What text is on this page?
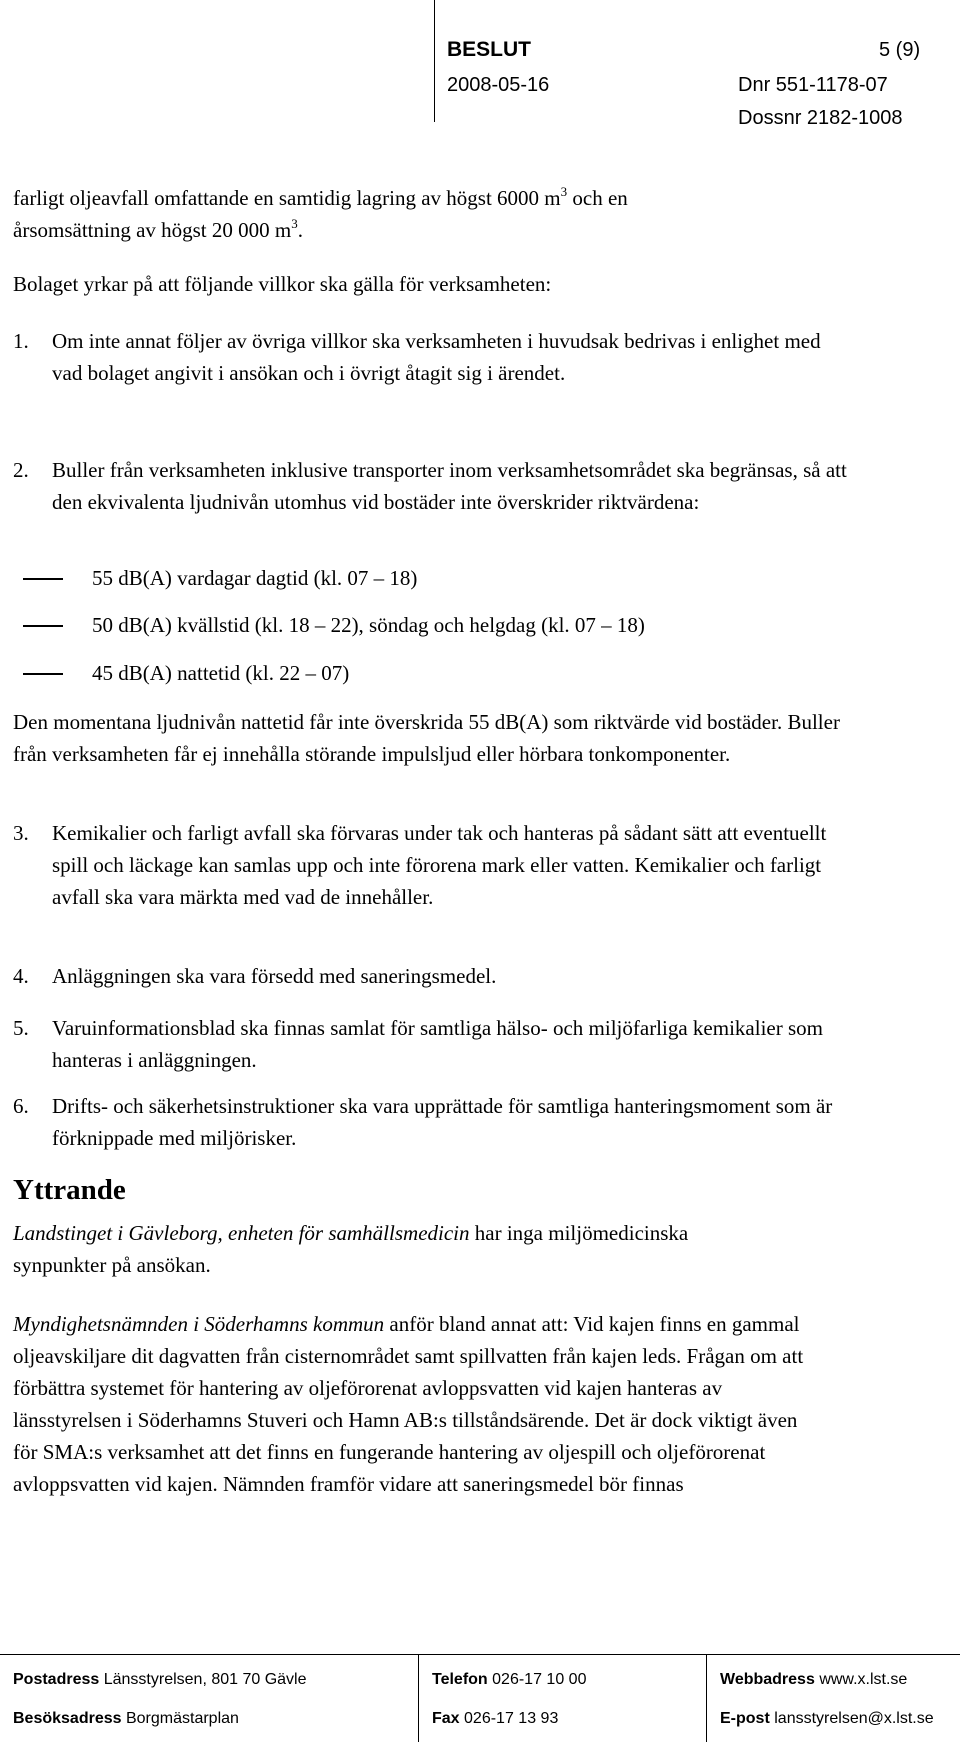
BESLUT	5 (9)
2008-05-16	Dnr 551-1178-07
Dossnr 2182-1008

farligt oljeavfall omfattande en samtidig lagring av högst 6000 $m^3$ och en

årsomsättning av högst 20 000 $m^3$.

Bolaget yrkar på att följande villkor ska gälla för verksamheten:
1. Om inte annat följer av övriga villkor ska verksamheten i huvudsak bedrivas i enlighet med vad bolaget angivit i ansökan och i övrigt åtagit sig i ärendet.
2. Buller från verksamheten inklusive transporter inom verksamhetsområdet ska begränsas, så att den ekvivalenta ljudnivån utomhus vid bostäder inte överskrider riktvärdena:
55 dB(A) vardagar dagtid (kl. 07 – 18)
50 dB(A) kvällstid (kl. 18 – 22), söndag och helgdag (kl. 07 – 18)
45 dB(A) nattetid (kl. 22 – 07)
Den momentana ljudnivån nattetid får inte överskrida 55 dB(A) som riktvärde vid bostäder. Buller från verksamheten får ej innehålla störande impulsljud eller hörbara tonkomponenter.
3. Kemikalier och farligt avfall ska förvaras under tak och hanteras på sådant sätt att eventuellt spill och läckage kan samlas upp och inte förorena mark eller vatten. Kemikalier och farligt avfall ska vara märkta med vad de innehåller.
4. Anläggningen ska vara försedd med saneringsmedel.
5. Varuinformationsblad ska finnas samlat för samtliga hälso- och miljöfarliga kemikalier som hanteras i anläggningen.
6. Drifts- och säkerhetsinstruktioner ska vara upprättade för samtliga hanteringsmoment som är förknippade med miljörisker.
Yttrande
Landstinget i Gävleborg, enheten för samhällsmedicin har inga miljömedicinska synpunkter på ansökan.
Myndighetsnämnden i Söderhamns kommun anför bland annat att: Vid kajen finns en gammal oljeavskiljare dit dagvatten från cisternområdet samt spillvatten från kajen leds. Frågan om att förbättra systemet för hantering av oljeförorenat avloppsvatten vid kajen hanteras av länsstyrelsen i Söderhamns Stuveri och Hamn AB:s tillståndsärende. Det är dock viktigt även för SMA:s verksamhet att det finns en fungerande hantering av oljespill och oljeförorenat avloppsvatten vid kajen. Nämnden framför vidare att saneringsmedel bör finnas
Postadress Länsstyrelsen, 801 70 Gävle
Besöksadress Borgmästarplan
Telefon 026-17 10 00
Fax 026-17 13 93
Webbadress www.x.lst.se
E-post lansstyrelsen@x.lst.se
